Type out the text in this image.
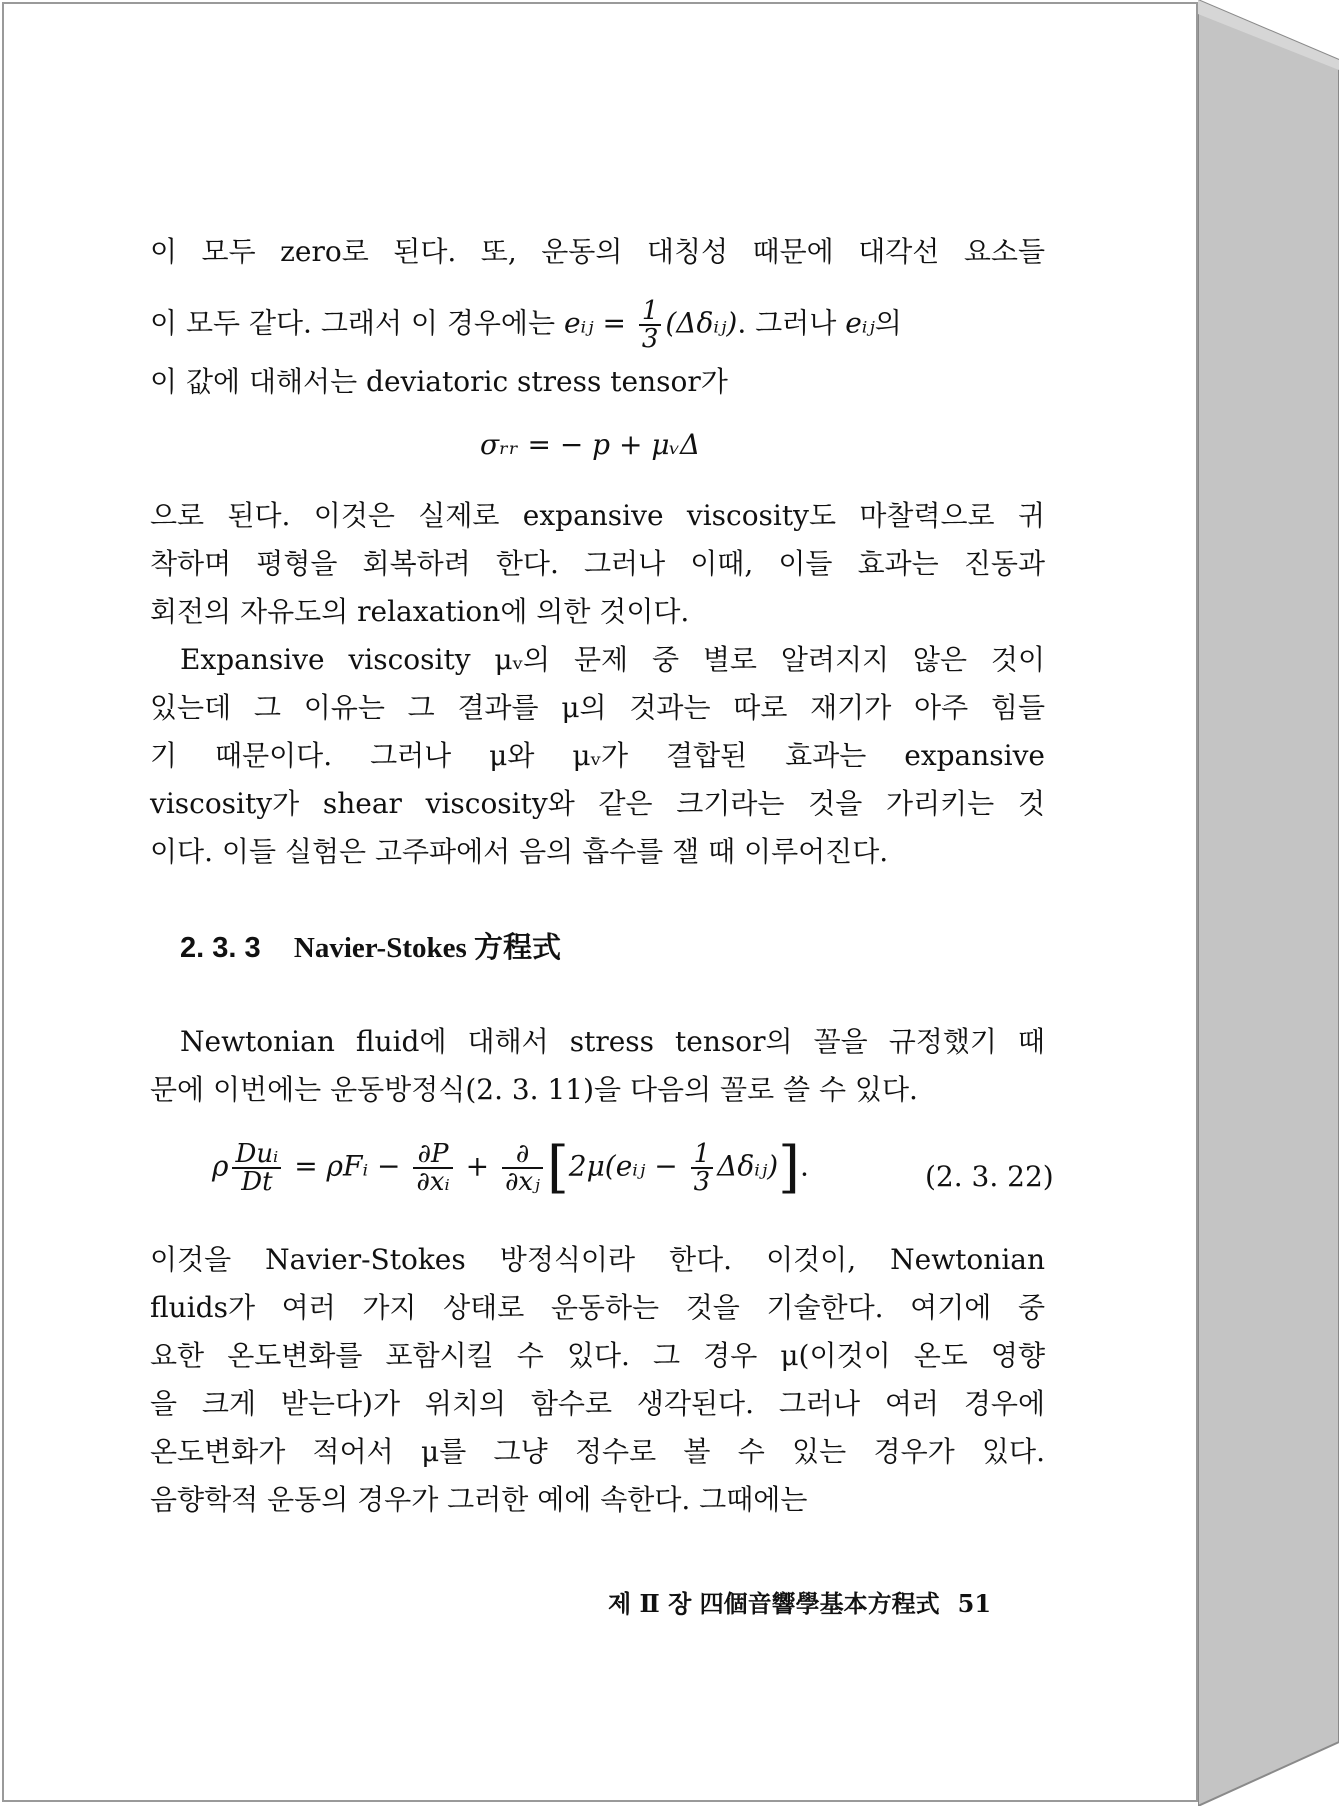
이 모두 zero로 된다. 또, 운동의 대칭성 때문에 대각선 요소들
이 모두 같다. 그래서 이 경우에는 eᵢⱼ = $\frac{1}{3}$ (Δδᵢⱼ). 그러나 eᵢⱼ의
이 값에 대해서는 deviatoric stress tensor가
σᵣᵣ = − p + μᵥΔ
으로 된다. 이것은 실제로 expansive viscosity도 마찰력으로 귀
착하며 평형을 회복하려 한다. 그러나 이때, 이들 효과는 진동과
회전의 자유도의 relaxation에 의한 것이다.
Expansive viscosity μᵥ의 문제 중 별로 알려지지 않은 것이
있는데 그 이유는 그 결과를 μ의 것과는 따로 재기가 아주 힘들
기 때문이다. 그러나 μ와 μᵥ가 결합된 효과는 expansive
viscosity가 shear viscosity와 같은 크기라는 것을 가리키는 것
이다. 이들 실험은 고주파에서 음의 흡수를 잴 때 이루어진다.
2. 3. 3 Navier-Stokes 方程式
Newtonian fluid에 대해서 stress tensor의 꼴을 규정했기 때
문에 이번에는 운동방정식(2. 3. 11)을 다음의 꼴로 쓸 수 있다.
ρ $\frac{\text{Duᵢ}}{Dt}$ = ρFᵢ − $\frac{\partial P}{\text{∂xᵢ}} + \frac{\partial}{\text{∂xⱼ}}$ [2μ(eᵢⱼ − $\frac{1}{3}$ Δδᵢⱼ)].	(2. 3. 22)
이것을 Navier-Stokes 방정식이라 한다. 이것이, Newtonian
fluids가 여러 가지 상태로 운동하는 것을 기술한다. 여기에 중
요한 온도변화를 포함시킬 수 있다. 그 경우 μ(이것이 온도 영향
을 크게 받는다)가 위치의 함수로 생각된다. 그러나 여러 경우에
온도변화가 적어서 μ를 그냥 정수로 볼 수 있는 경우가 있다.
음향학적 운동의 경우가 그러한 예에 속한다. 그때에는
제 Ⅱ 장 四個音響學基本方程式 51
